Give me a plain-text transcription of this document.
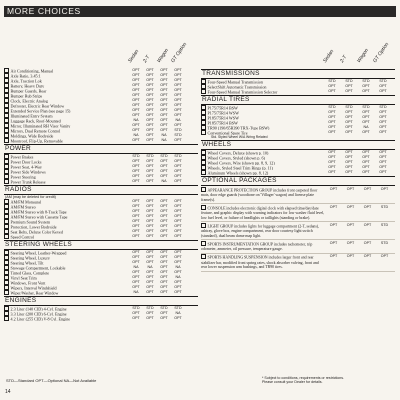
MORE CHOICES
Sedan 2-T Wagon GT Option
Air Conditioning, Manual	OPT	OPT	OPT	OPT
Axle Ratio, 3.45:1	OPT	OPT	OPT	OPT
Axle, Traction Lok	OPT	OPT	OPT	OPT
Battery, Heavy Duty	OPT	OPT	OPT	OPT
Bumper Guards, Rear	OPT	OPT	OPT	OPT
Bumper Rub Strips	OPT	OPT	OPT	OPT
Clock, Electric Analog	OPT	OPT	OPT	OPT
Defroster, Electric Rear Window	OPT	OPT	OPT	OPT
Extended Service Plan (see page 15)	OPT	OPT	OPT	OPT
Illuminated Entry System	OPT	OPT	OPT	OPT
Luggage Rack, Roof-Mounted	NA	OPT	OPT	NA
Mirror, Illuminated RH Visor Vanity	OPT	OPT	OPT	OPT
Mirrors, Dual Remote Control	OPT	OPT	OPT	STD
Moldings, Wide Bodyside	NA	OPT	NA	STD
Moonroof, Flip-Up, Removable	OPT	OPT	NA	OPT
POWER
Power Brakes	STD	STD	STD	STD
Power Door Locks	OPT	OPT	OPT	OPT
Power Seat, 4-Way	OPT	OPT	OPT	OPT
Power Side Windows	OPT	OPT	OPT	OPT
Power Steering	OPT	OPT	OPT	OPT
Power Trunk Release	OPT	OPT	NA	OPT
RADIOS
(AM (may be deleted for credit)
AM/FM Monaural	OPT	OPT	OPT	OPT
AM/FM Stereo	OPT	OPT	OPT	OPT
AM/FM Stereo with 8-Track Tape	OPT	OPT	OPT	OPT
AM/FM Stereo with Cassette Tape	OPT	OPT	OPT	OPT
Premium Sound System	OPT	OPT	OPT	OPT
Protection, Lower Bodyside	OPT	OPT	OPT	OPT
Seat Belts, Deluxe Color Keyed	OPT	OPT	OPT	OPT
Speed Control	OPT	OPT	OPT	OPT
STEERING WHEELS
Steering Wheel, Leather-Wrapped	OPT	OPT	OPT	OPT
Steering Wheel, Luxury	OPT	OPT	OPT	OPT
Steering Wheel, Tilt	OPT	OPT	OPT	OPT
Stowage Compartment, Lockable	NA	NA	OPT	NA
Tinted Glass, Complete	OPT	OPT	OPT	OPT
Vinyl Seat Trim	OPT	OPT	OPT	NA
Windows, Front Vent	OPT	OPT	OPT	OPT
Wipers, Interval Windshield	OPT	OPT	OPT	OPT
Wiper/Washer, Rear Window	NA	OPT	OPT	OPT
ENGINES
2.3 Liter (140 CID) 4-Cyl. Engine	STD	STD	STD	STD
3.3 Liter (200 CID) 6-Cyl. Engine	OPT	OPT	OPT	NA
4.2 Liter (255 CID) V-8 Cyl. Engine	OPT	OPT	OPT	OPT
Sedan 2-T Wagon GT Option
TRANSMISSIONS
Four-Speed Manual Transmission	STD	STD	STD	STD
SelectShift Automatic Transmission	OPT	OPT	OPT	OPT
Four-Speed Manual Transmission Selector	OPT	OPT	OPT	OPT
RADIAL TIRES
P175/75R14 BSW	STD	STD	STD	STD
P175/75R14 WSW	OPT	OPT	OPT	OPT
P185/75R14 WSW	OPT	OPT	OPT	OPT
P185/75R14 BSW	OPT	OPT	OPT	OPT
TR90 (190/65R390 TRX-Type BSW)	OPT	OPT	NA	OPT
Conventional Spare Tire	OPT	OPT	OPT	OPT
Std. Styled Wheel W/A Wring Related
WHEELS
Wheel Covers, Deluxe (shown p. 10)	OPT	OPT	OPT	OPT
Wheel Covers, Styled (shown p. 6)	OPT	OPT	OPT	OPT
Wheel Covers, Wire (shown pp. 8, 9, 12)	OPT	OPT	OPT	OPT
Wheels, Styled Steel Trim Rings (p. 11)	OPT	OPT	OPT	OPT
Aluminum Wheels (shown pp. 8, 12)	OPT	OPT	OPT	OPT
OPTIONAL PACKAGES
APPEARANCE PROTECTION GROUP includes front carpeted floor mats, door edge guards (woodtone on 'Villager' wagon) and license plate frame(s).
OPT	OPT	OPT	OPT
CONSOLE includes electronic digital clock with elapsed time/day/date feature, and graphic display with warning indicators for low washer fluid level, low fuel level, or failure of headlights or taillights (standing or brake).
OPT	OPT	OPT	STD
LIGHT GROUP includes lights for luggage compartment (2-T, sedans), ashtray, glove box, engine compartment, rear door courtesy light switch (standard), dual beam dome map light.
OPT	OPT	OPT	STD
SPORTS INSTRUMENTATION GROUP includes tachometer, trip odometer, ammeter, oil pressure, temperature gauge.
OPT	OPT	OPT	STD
SPORTS HANDLING SUSPENSION includes larger front and rear stabilizer bar, modified front spring rates, shock absorber valving, front and rear lower suspension arm bushings, and TR90 tires.
OPT	OPT	OPT	OPT
STD—Standard OPT—Optional NA—Not Available	* Subject to conditions, requirements or restrictions.
Please consult your Dealer for details.
14
